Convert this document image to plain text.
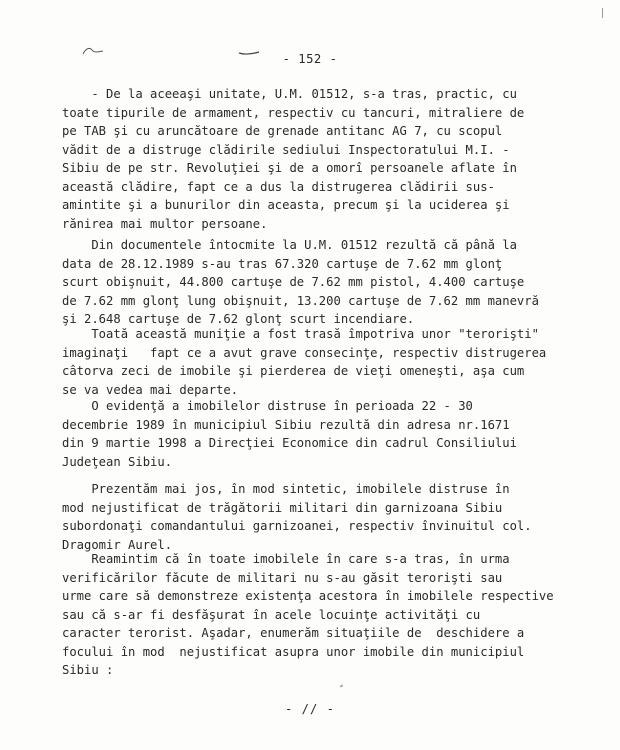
- 152 -
- De la aceeaşi unitate, U.M. 01512, s-a tras, practic, cu
toate tipurile de armament, respectiv cu tancuri, mitraliere de
pe TAB şi cu aruncătoare de grenade antitanc AG 7, cu scopul
vădit de a distruge clădirile sediului Inspectoratului M.I. -
Sibiu de pe str. Revoluţiei şi de a omorî persoanele aflate în
această clădire, fapt ce a dus la distrugerea clădirii sus-
amintite şi a bunurilor din aceasta, precum şi la uciderea şi
rănirea mai multor persoane.
Din documentele întocmite la U.M. 01512 rezultă că până la
data de 28.12.1989 s-au tras 67.320 cartuşe de 7.62 mm glonţ
scurt obişnuit, 44.800 cartuşe de 7.62 mm pistol, 4.400 cartuşe
de 7.62 mm glonţ lung obişnuit, 13.200 cartuşe de 7.62 mm manevră
şi 2.648 cartuşe de 7.62 glonţ scurt incendiare.
Toată această muniţie a fost trasă împotriva unor "terorişti"
imaginaţi   fapt ce a avut grave consecinţe, respectiv distrugerea
câtorva zeci de imobile şi pierderea de vieţi omeneşti, aşa cum
se va vedea mai departe.
O evidenţă a imobilelor distruse în perioada 22 - 30
decembrie 1989 în municipiul Sibiu rezultă din adresa nr.1671
din 9 martie 1998 a Direcţiei Economice din cadrul Consiliului
Judeţean Sibiu.
Prezentăm mai jos, în mod sintetic, imobilele distruse în
mod nejustificat de trăgătorii militari din garnizoana Sibiu
subordonaţi comandantului garnizoanei, respectiv învinuitul col.
Dragomir Aurel.
Reamintim că în toate imobilele în care s-a tras, în urma
verificărilor făcute de militari nu s-au găsit terorişti sau
urme care să demonstreze existenţa acestora în imobilele respective
sau că s-ar fi desfăşurat în acele locuinţe activităţi cu
caracter terorist. Aşadar, enumerăm situaţiile de  deschidere a
focului în mod  nejustificat asupra unor imobile din municipiul
Sibiu :
- // -
